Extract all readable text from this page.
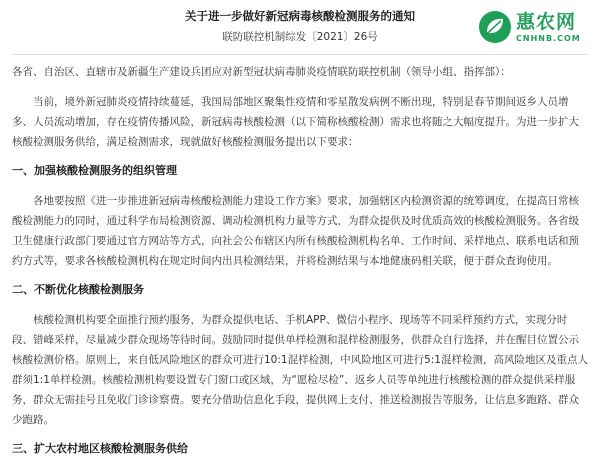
关于进一步做好新冠病毒核酸检测服务的通知
联防联控机制综发〔2021〕26号

各省、自治区、直辖市及新疆生产建设兵团应对新型冠状病毒肺炎疫情联防联控机制（领导小组、指挥部）：

当前，境外新冠肺炎疫情持续蔓延，我国局部地区聚集性疫情和零星散发病例不断出现，特别是春节期间返乡人员增多、人员流动增加，存在疫情传播风险，新冠病毒核酸检测（以下简称核酸检测）需求也将随之大幅度提升。为进一步扩大核酸检测服务供给，满足检测需求，现就做好核酸检测服务提出以下要求：

一、加强核酸检测服务的组织管理

各地要按照《进一步推进新冠病毒核酸检测能力建设工作方案》要求，加强辖区内检测资源的统筹调度，在提高日常核酸检测能力的同时，通过科学布局检测资源、调动检测机构力量等方式，为群众提供及时优质高效的核酸检测服务。各省级卫生健康行政部门要通过官方网站等方式，向社会公布辖区内所有核酸检测机构名单、工作时间、采样地点、联系电话和预约方式等，要求各核酸检测机构在规定时间内出具检测结果，并将检测结果与本地健康码相关联，便于群众查询使用。

二、不断优化核酸检测服务

核酸检测机构要全面推行预约服务，为群众提供电话、手机APP、微信小程序、现场等不同采样预约方式，实现分时段、错峰采样，尽量减少群众现场等待时间。鼓励同时提供单样检测和混样检测服务，供群众自行选择，并在醒目位置公示核酸检测价格。原则上，来自低风险地区的群众可进行10:1混样检测，中风险地区可进行5:1混样检测，高风险地区及重点人群须1:1单样检测。核酸检测机构要设置专门窗口或区域，为“愿检尽检”、返乡人员等单纯进行核酸检测的群众提供采样服务，群众无需挂号且免收门诊诊察费。要充分借助信息化手段，提供网上支付、推送检测报告等服务，让信息多跑路、群众少跑路。

三、扩大农村地区核酸检测服务供给
惠农网
CNHNB.COM
